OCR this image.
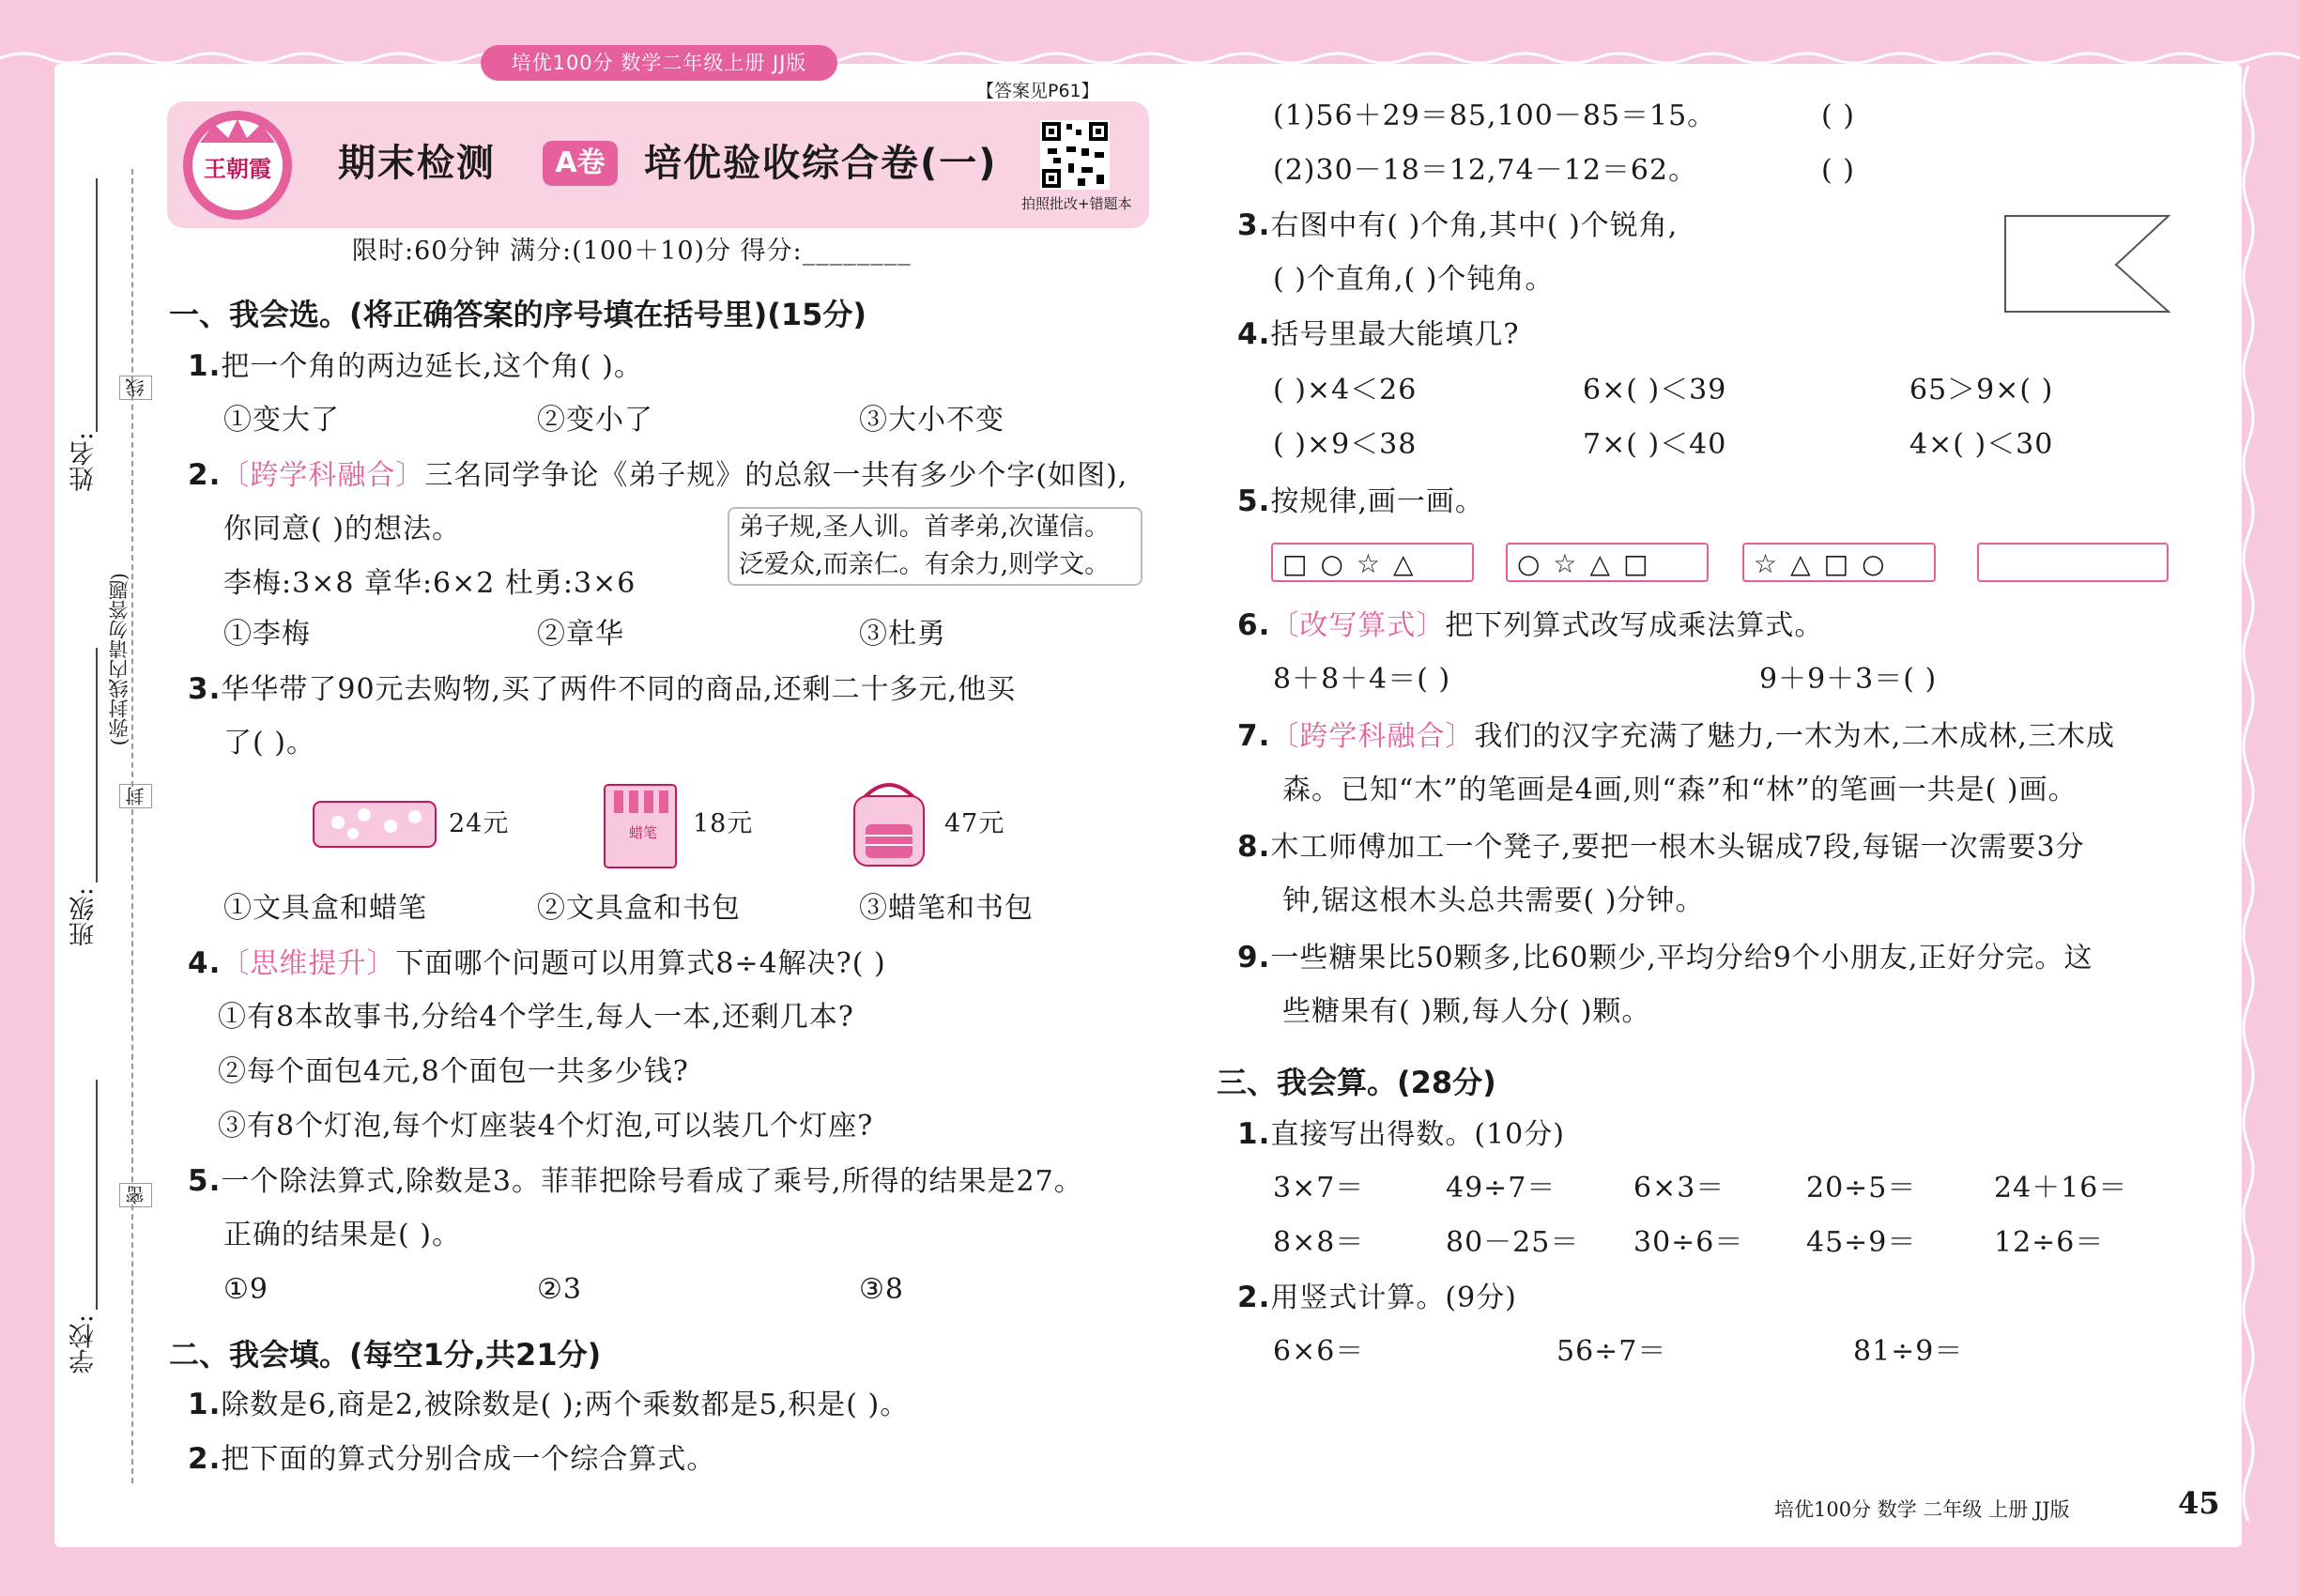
培优100分 数学二年级上册 JJ版
姓名:
班级:
学校:
线
封
密
(弥封线内请勿答题)
王朝霞 期末检测	A卷	培优验收综合卷(一)
【答案见P61】
拍照批改+错题本
限时:60分钟 满分:(100＋10)分 得分:________
一、我会选。(将正确答案的序号填在括号里)(15分)
1.把一个角的两边延长,这个角( )。
①变大了	②变小了	③大小不变
2.〔跨学科融合〕三名同学争论《弟子规》的总叙一共有多少个字(如图),
你同意( )的想法。	弟子规,圣人训。首孝弟,次谨信。
泛爱众,而亲仁。有余力,则学文。
李梅:3×8 章华:6×2 杜勇:3×6
①李梅	②章华	③杜勇
3.华华带了90元去购物,买了两件不同的商品,还剩二十多元,他买
了( )。
24元	蜡笔 18元	47元
①文具盒和蜡笔	②文具盒和书包	③蜡笔和书包
4.〔思维提升〕下面哪个问题可以用算式8÷4解决?( )
①有8本故事书,分给4个学生,每人一本,还剩几本?
②每个面包4元,8个面包一共多少钱?
③有8个灯泡,每个灯座装4个灯泡,可以装几个灯座?
5.一个除法算式,除数是3。菲菲把除号看成了乘号,所得的结果是27。
正确的结果是( )。
①9	②3	③8
二、我会填。(每空1分,共21分)
1.除数是6,商是2,被除数是( );两个乘数都是5,积是( )。
2.把下面的算式分别合成一个综合算式。
(1)56＋29＝85,100－85＝15。	( )
(2)30－18＝12,74－12＝62。	( )
3.右图中有( )个角,其中( )个锐角,
( )个直角,( )个钝角。
4.括号里最大能填几?
( )×4＜26	6×( )＜39	65＞9×( )
( )×9＜38	7×( )＜40	4×( )＜30
5.按规律,画一画。
□○☆△	○☆△□	☆△□○
6.〔改写算式〕把下列算式改写成乘法算式。
8＋8＋4＝( )	9＋9＋3＝( )
7.〔跨学科融合〕我们的汉字充满了魅力,一木为木,二木成林,三木成
森。已知“木”的笔画是4画,则“森”和“林”的笔画一共是( )画。
8.木工师傅加工一个凳子,要把一根木头锯成7段,每锯一次需要3分
钟,锯这根木头总共需要( )分钟。
9.一些糖果比50颗多,比60颗少,平均分给9个小朋友,正好分完。这
些糖果有( )颗,每人分( )颗。
三、我会算。(28分)
1.直接写出得数。(10分)
3×7＝	49÷7＝	6×3＝	20÷5＝	24＋16＝
8×8＝	80－25＝ 30÷6＝ 45÷9＝	12÷6＝
2.用竖式计算。(9分)
6×6＝	56÷7＝	81÷9＝
培优100分 数学 二年级 上册 JJ版	45
